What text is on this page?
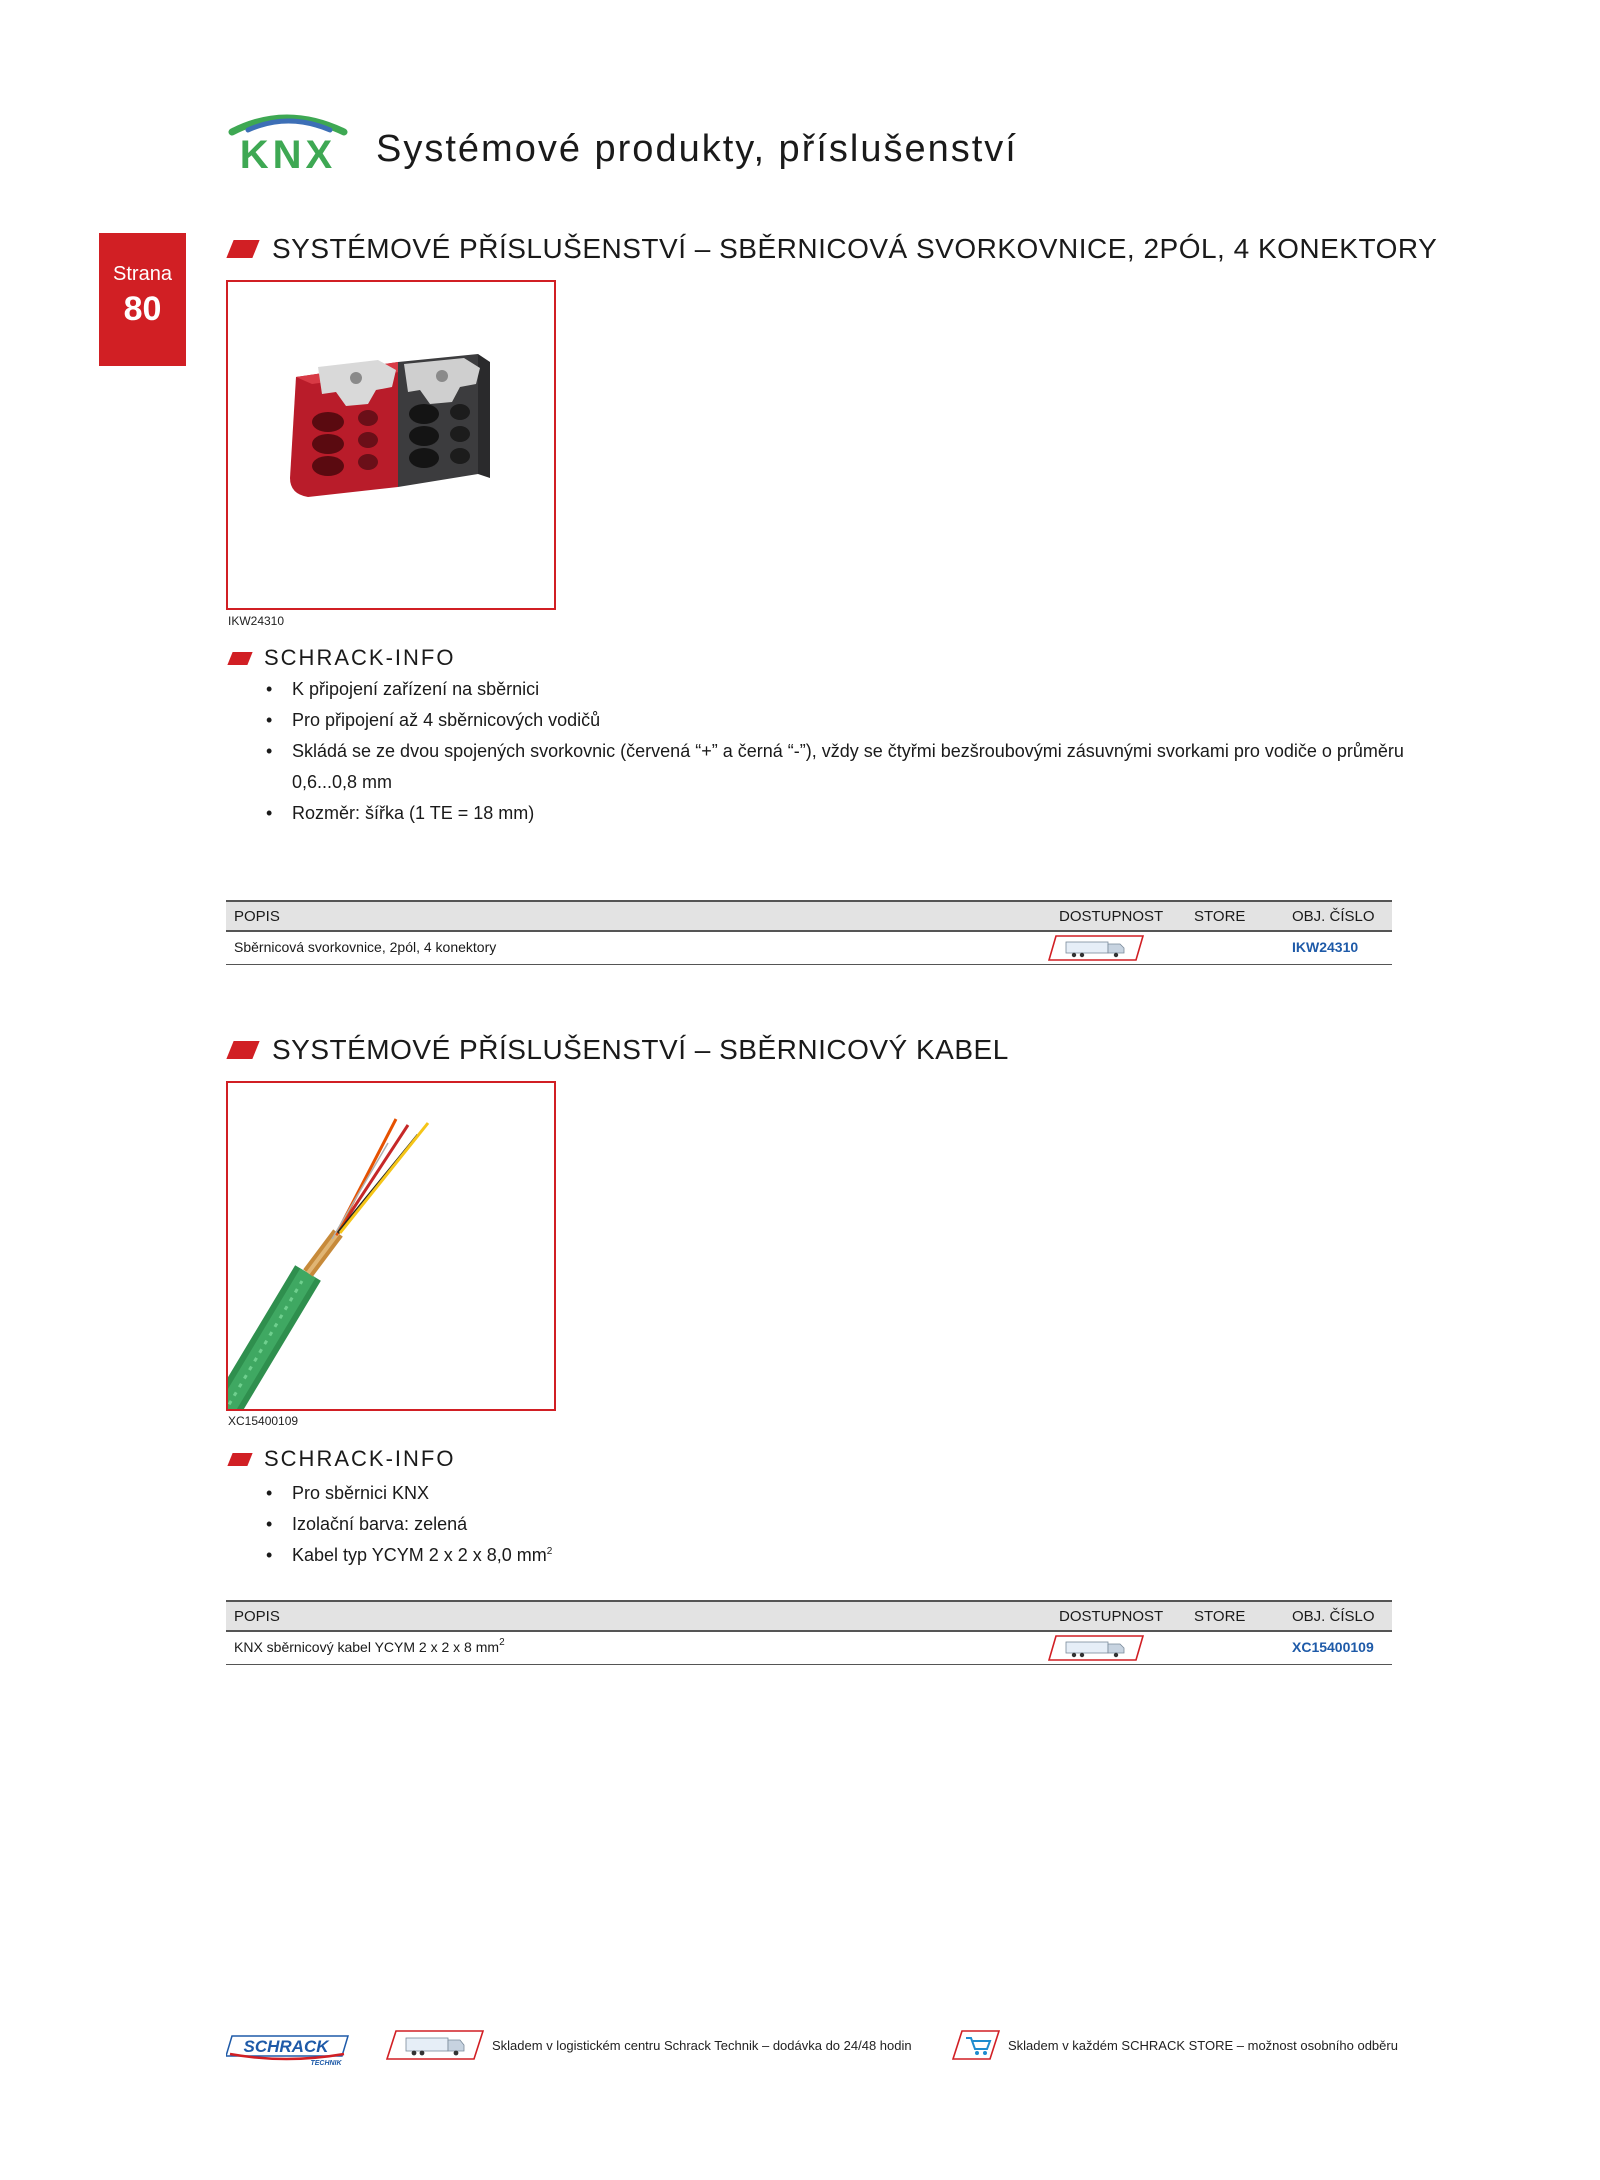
KNX Systémové produkty, příslušenství
Strana
80
SYSTÉMOVÉ PŘÍSLUŠENSTVÍ – SBĚRNICOVÁ SVORKOVNICE, 2PÓL, 4 KONEKTORY
IKW24310
SCHRACK-INFO
• K připojení zařízení na sběrnici
• Pro připojení až 4 sběrnicových vodičů
• Skládá se ze dvou spojených svorkovnic (červená “+” a černá “-”), vždy se čtyřmi bezšroubovými zásuvnými svorkami pro vodiče o průměru 0,6...0,8 mm
• Rozměr: šířka (1 TE = 18 mm)
POPIS	DOSTUPNOST STORE	OBJ. ČÍSLO
Sběrnicová svorkovnice, 2pól, 4 konektory	IKW24310
SYSTÉMOVÉ PŘÍSLUŠENSTVÍ – SBĚRNICOVÝ KABEL
XC15400109
SCHRACK-INFO
• Pro sběrnici KNX
• Izolační barva: zelená
• Kabel typ YCYM 2 x 2 x 8,0 $mm^2$
POPIS	DOSTUPNOST STORE	OBJ. ČÍSLO
KNX sběrnicový kabel YCYM 2 x 2 x 8 $mm^2$	XC15400109
SCHRACK
TECHNIK
Skladem v logistickém centru Schrack Technik – dodávka do 24/48 hodin	Skladem v každém SCHRACK STORE – možnost osobního odběru
